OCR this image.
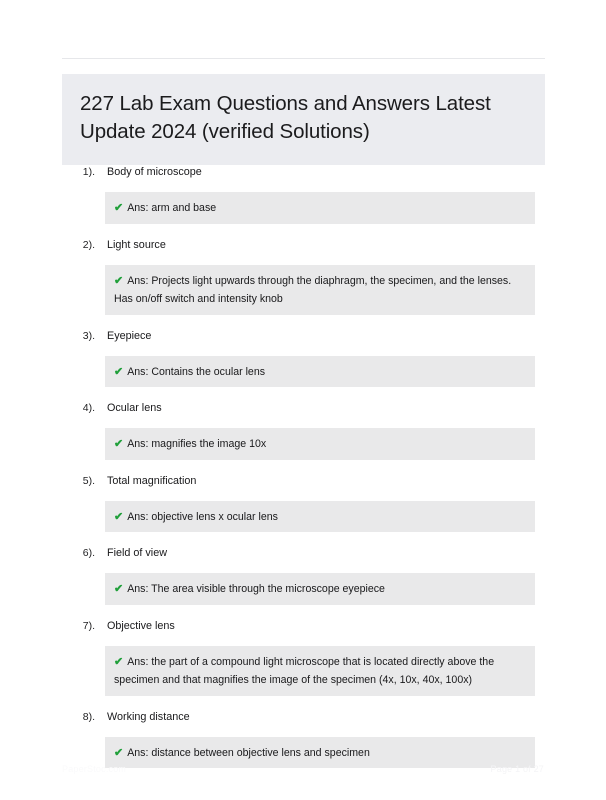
227 Lab Exam Questions and Answers Latest Update 2024 (verified Solutions)
1). Body of microscope
✔ Ans: arm and base
2). Light source
✔ Ans: Projects light upwards through the diaphragm, the specimen, and the lenses. Has on/off switch and intensity knob
3). Eyepiece
✔ Ans: Contains the ocular lens
4). Ocular lens
✔ Ans: magnifies the image 10x
5). Total magnification
✔ Ans: objective lens x ocular lens
6). Field of view
✔ Ans: The area visible through the microscope eyepiece
7). Objective lens
✔ Ans: the part of a compound light microscope that is located directly above the specimen and that magnifies the image of the specimen (4x, 10x, 40x, 100x)
8). Working distance
✔ Ans: distance between objective lens and specimen
PaperStoc.com	Page 1 of 27
